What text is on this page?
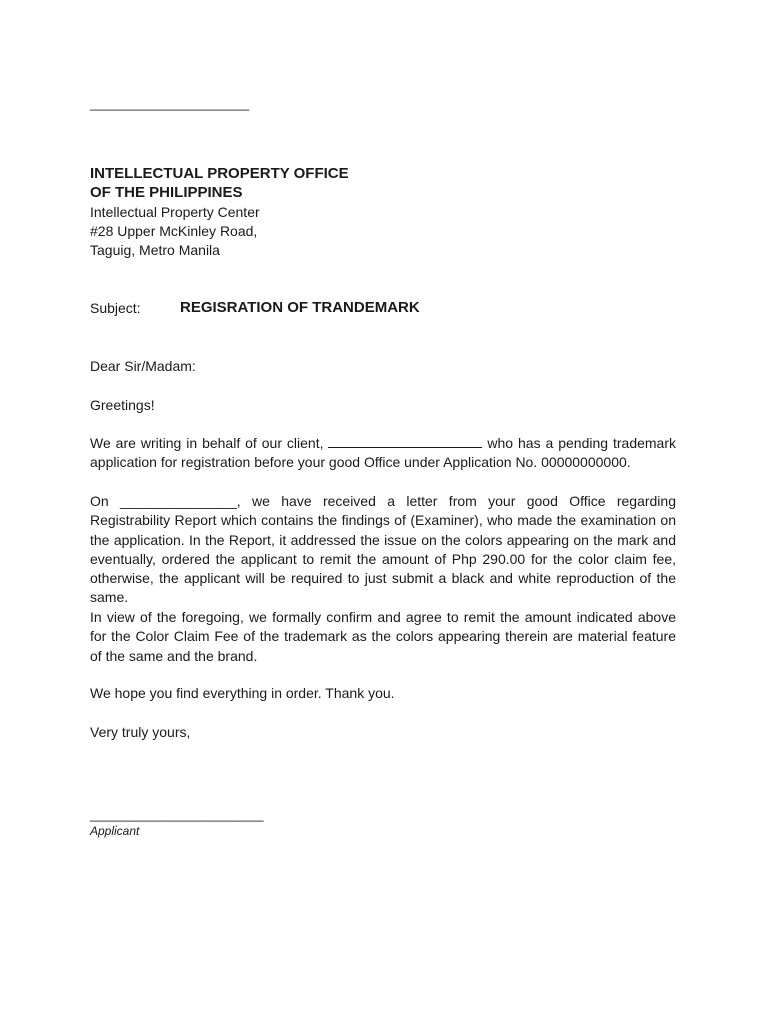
______________________
INTELLECTUAL PROPERTY OFFICE
OF THE PHILIPPINES
Intellectual Property Center
#28 Upper McKinley Road,
Taguig, Metro Manila
Subject:	REGISRATION OF TRANDEMARK
Dear Sir/Madam:
Greetings!
We are writing in behalf of our client,	who has a pending trademark application for registration before your good Office under Application No. 00000000000.
On _______________, we have received a letter from your good Office regarding Registrability Report which contains the findings of (Examiner), who made the examination on the application. In the Report, it addressed the issue on the colors appearing on the mark and eventually, ordered the applicant to remit the amount of Php 290.00 for the color claim fee, otherwise, the applicant will be required to just submit a black and white reproduction of the same.
In view of the foregoing, we formally confirm and agree to remit the amount indicated above for the Color Claim Fee of the trademark as the colors appearing therein are material feature of the same and the brand.
We hope you find everything in order. Thank you.
Very truly yours,
________________________
Applicant
